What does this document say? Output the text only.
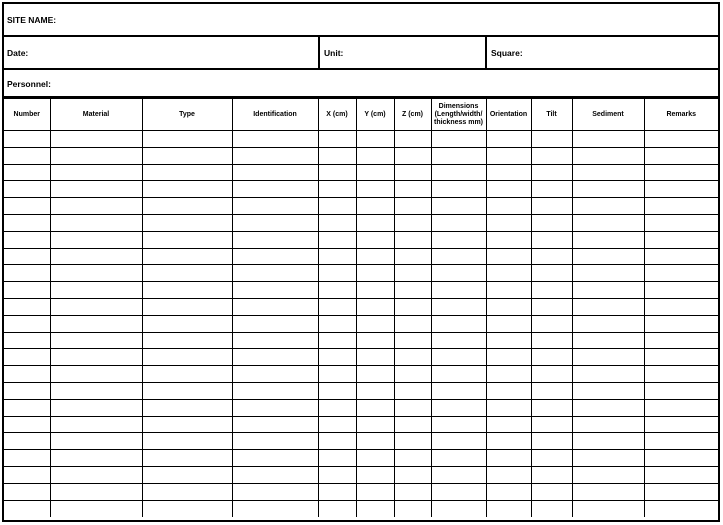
SITE NAME:
Date:	Unit:	Square:
Personnel:
Number	Material	Type	Identification	X (cm)	Y (cm)	Z (cm)	Dimensions (Length/width/ thickness mm)	Orientation	Tilt	Sediment	Remarks
